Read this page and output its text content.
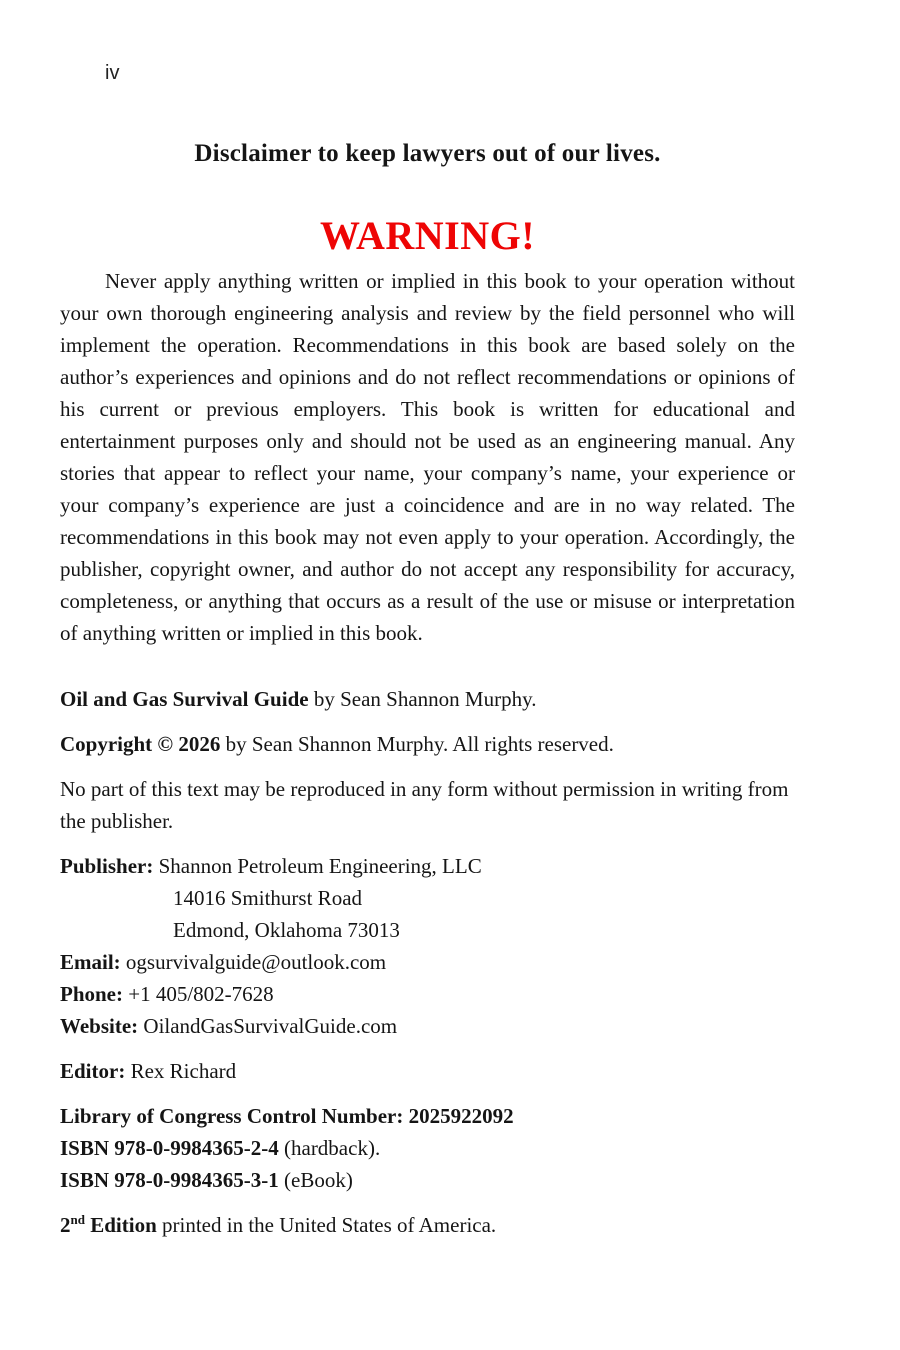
iv
Disclaimer to keep lawyers out of our lives.
WARNING!

Never apply anything written or implied in this book to your operation without your own thorough engineering analysis and review by the field personnel who will implement the operation. Recommendations in this book are based solely on the author’s experiences and opinions and do not reflect recommendations or opinions of his current or previous employers. This book is written for educational and entertainment purposes only and should not be used as an engineering manual. Any stories that appear to reflect your name, your company’s name, your experience or your company’s experience are just a coincidence and are in no way related. The recommendations in this book may not even apply to your operation. Accordingly, the publisher, copyright owner, and author do not accept any responsibility for accuracy, completeness, or anything that occurs as a result of the use or misuse or interpretation of anything written or implied in this book.

Oil and Gas Survival Guide by Sean Shannon Murphy.

Copyright © 2026 by Sean Shannon Murphy. All rights reserved.

No part of this text may be reproduced in any form without permission in writing from the publisher.

Publisher: Shannon Petroleum Engineering, LLC
14016 Smithurst Road
Edmond, Oklahoma 73013
Email: ogsurvivalguide@outlook.com
Phone: +1 405/802-7628
Website: OilandGasSurvivalGuide.com

Editor: Rex Richard

Library of Congress Control Number: 2025922092
ISBN 978-0-9984365-2-4 (hardback).
ISBN 978-0-9984365-3-1 (eBook)

2nd Edition printed in the United States of America.
